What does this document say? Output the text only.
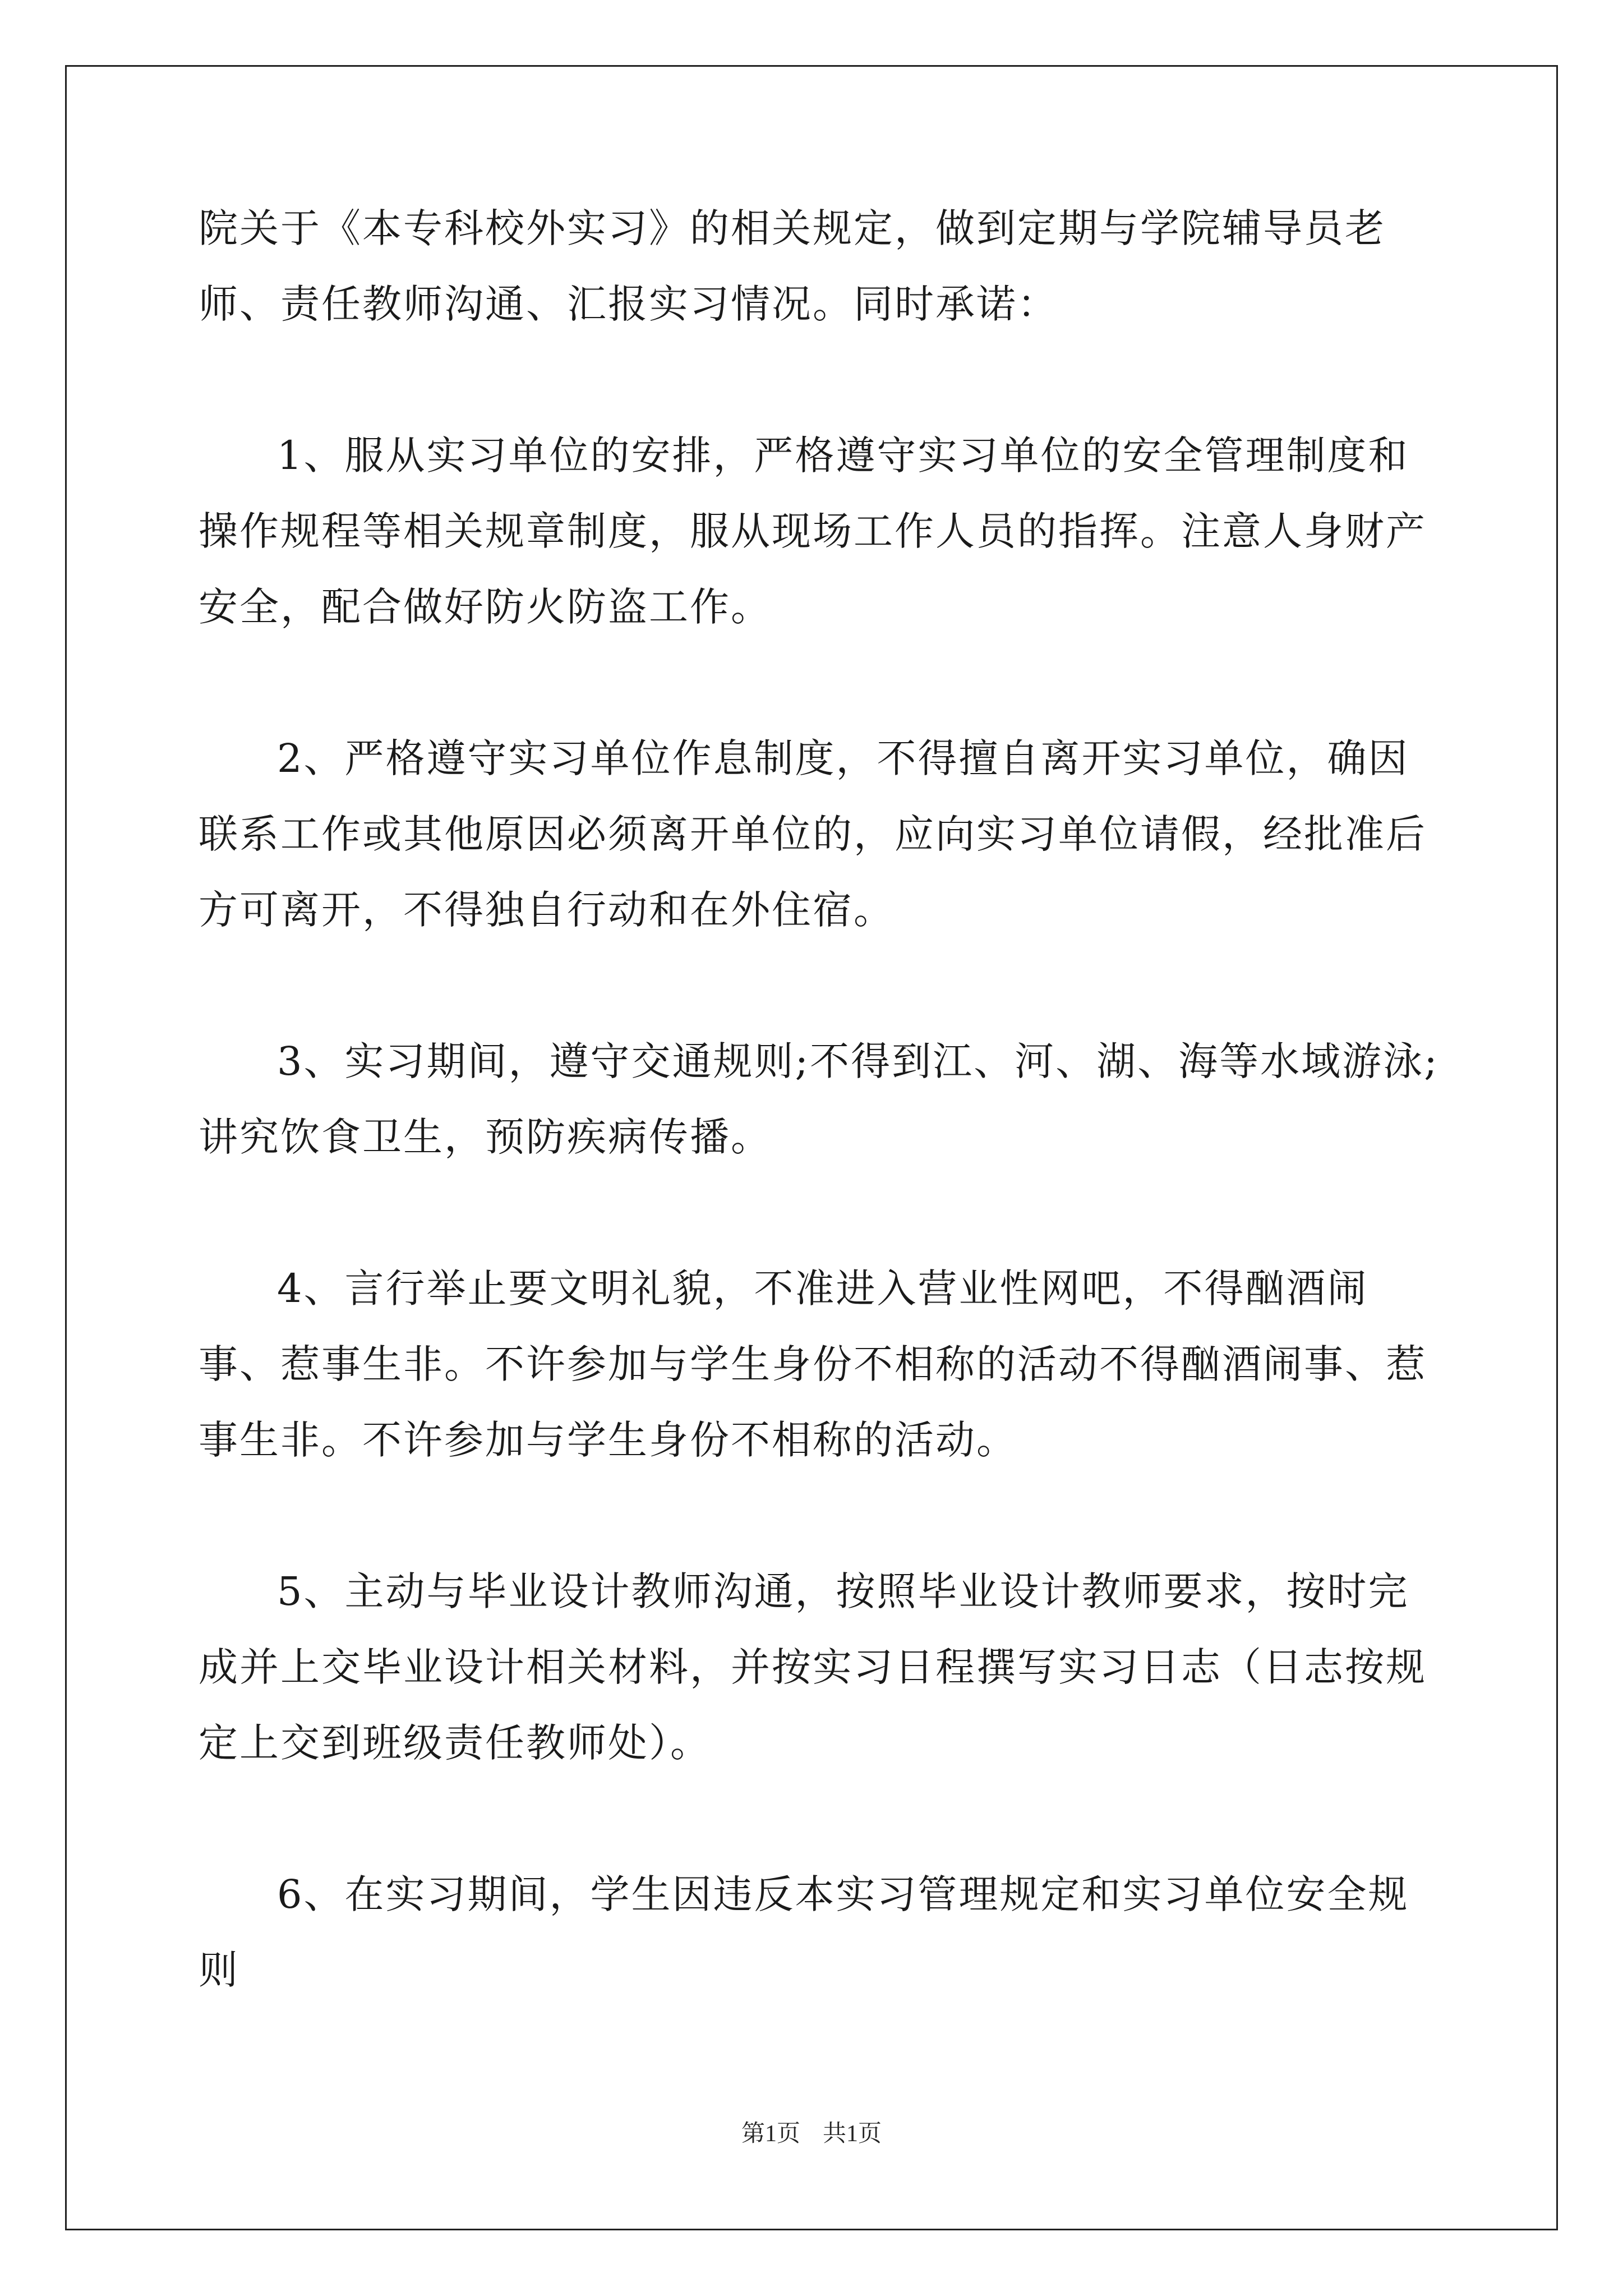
院关于《本专科校外实习》的相关规定，做到定期与学院辅导员老师、责任教师沟通、汇报实习情况。同时承诺：

1、服从实习单位的安排，严格遵守实习单位的安全管理制度和操作规程等相关规章制度，服从现场工作人员的指挥。注意人身财产安全，配合做好防火防盗工作。

2、严格遵守实习单位作息制度，不得擅自离开实习单位，确因联系工作或其他原因必须离开单位的，应向实习单位请假，经批准后方可离开，不得独自行动和在外住宿。

3、实习期间，遵守交通规则;不得到江、河、湖、海等水域游泳;讲究饮食卫生，预防疾病传播。

4、言行举止要文明礼貌，不准进入营业性网吧，不得酗酒闹事、惹事生非。不许参加与学生身份不相称的活动不得酗酒闹事、惹事生非。不许参加与学生身份不相称的活动。

5、主动与毕业设计教师沟通，按照毕业设计教师要求，按时完成并上交毕业设计相关材料，并按实习日程撰写实习日志（日志按规定上交到班级责任教师处）。

6、在实习期间，学生因违反本实习管理规定和实习单位安全规则

第1页 共1页
